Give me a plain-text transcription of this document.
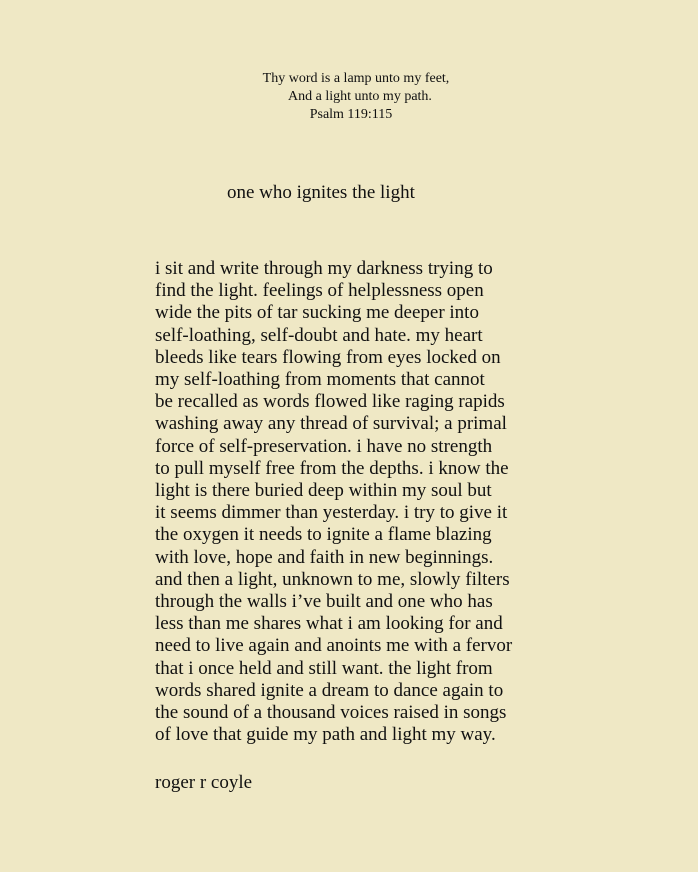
Thy word is a lamp unto my feet,
And a light unto my path.
Psalm 119:115
one who ignites the light
i sit and write through my darkness trying to
find the light. feelings of helplessness open
wide the pits of tar sucking me deeper into
self-loathing, self-doubt and hate. my heart
bleeds like tears flowing from eyes locked on
my self-loathing from moments that cannot
be recalled as words flowed like raging rapids
washing away any thread of survival; a primal
force of self-preservation. i have no strength
to pull myself free from the depths. i know the
light is there buried deep within my soul but
it seems dimmer than yesterday. i try to give it
the oxygen it needs to ignite a flame blazing
with love, hope and faith in new beginnings.
and then a light, unknown to me, slowly filters
through the walls i’ve built and one who has
less than me shares what i am looking for and
need to live again and anoints me with a fervor
that i once held and still want. the light from
words shared ignite a dream to dance again to
the sound of a thousand voices raised in songs
of love that guide my path and light my way.
roger r coyle
